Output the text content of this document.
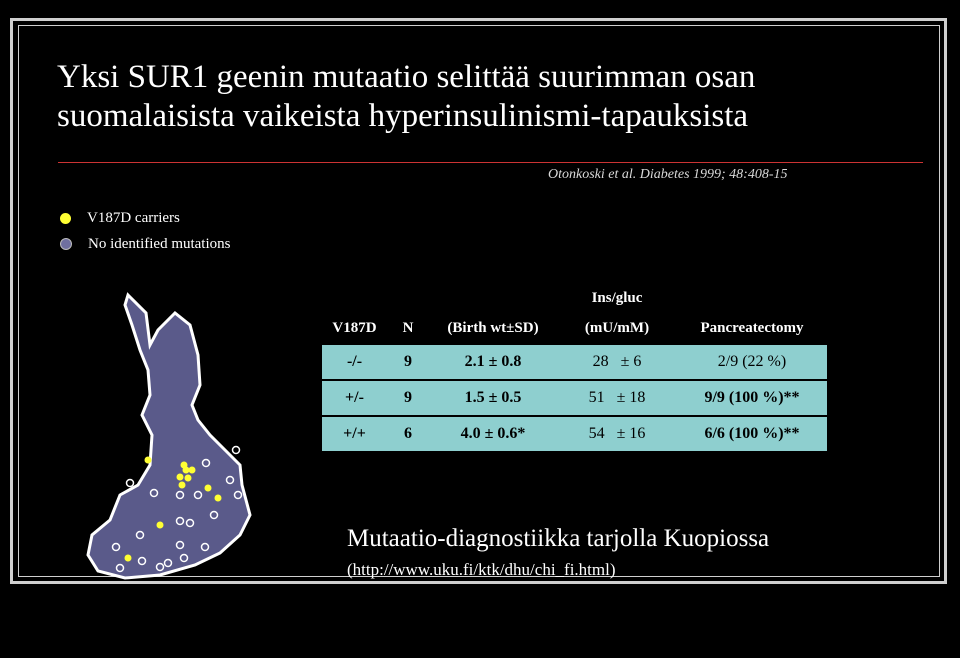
Yksi SUR1 geenin mutaatio selittää suurimman osan suomalaisista vaikeista hyperinsulinismi-tapauksista
Otonkoski et al. Diabetes 1999; 48:408-15
V187D carriers
No identified mutations
			Ins/gluc	
V187D	N	(Birth wt±SD)	(mU/mM)	Pancreatectomy
-/-	9	2.1 ± 0.8	28   ± 6	2/9 (22 %)
+/-	9	1.5 ± 0.5	51   ± 18	9/9 (100 %)**
+/+	6	4.0 ± 0.6*	54   ± 16	6/6 (100 %)**
Mutaatio-diagnostiikka tarjolla Kuopiossa
(http://www.uku.fi/ktk/dhu/chi_fi.html)
